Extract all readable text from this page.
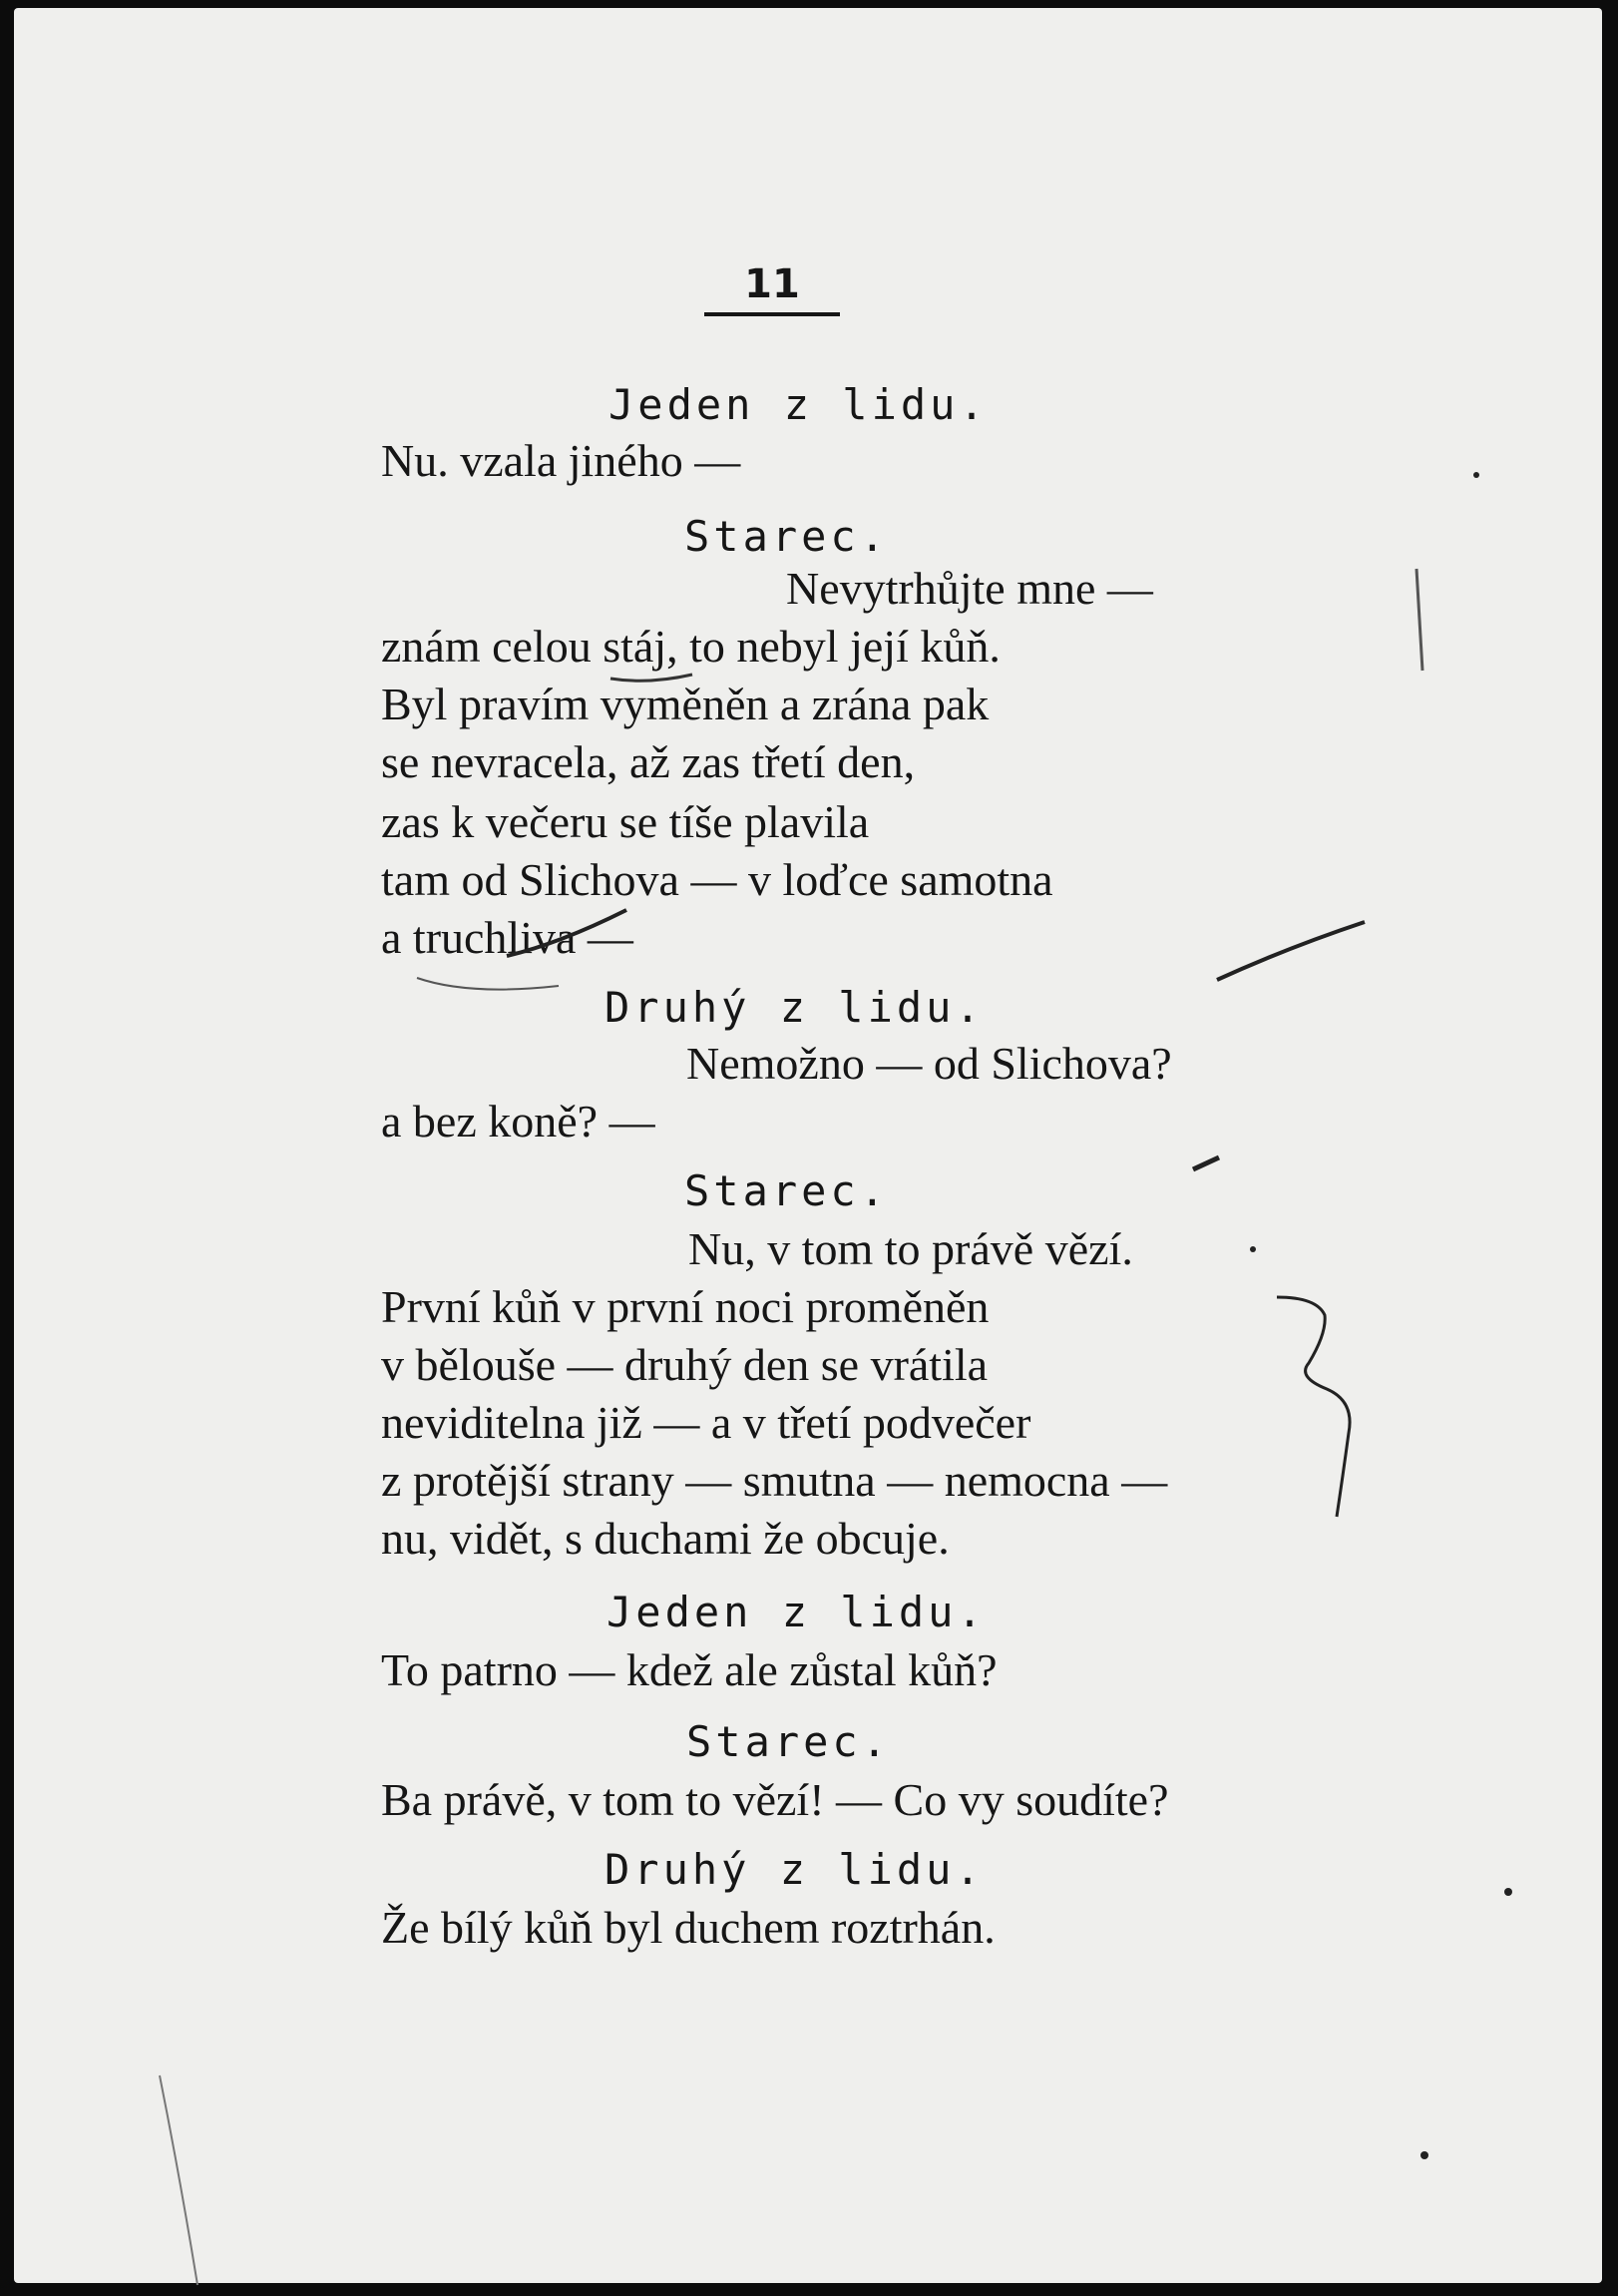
11
Jeden z lidu.
Nu. vzala jiného —
Starec.
Nevytrhůjte mne —
znám celou stáj, to nebyl její kůň.
Byl pravím vyměněn a zrána pak
se nevracela, až zas třetí den,
zas k večeru se tíše plavila
tam od Slichova — v loďce samotna
a truchliva —
Druhý z lidu.
Nemožno — od Slichova?
a bez koně? —
Starec.
Nu, v tom to právě vězí.
První kůň v první noci proměněn
v bělouše — druhý den se vrátila
neviditelna již — a v třetí podvečer
z protější strany — smutna — nemocna —
nu, vidět, s duchami že obcuje.
Jeden z lidu.
To patrno — kdež ale zůstal kůň?
Starec.
Ba právě, v tom to vězí! — Co vy soudíte?
Druhý z lidu.
Že bílý kůň byl duchem roztrhán.
